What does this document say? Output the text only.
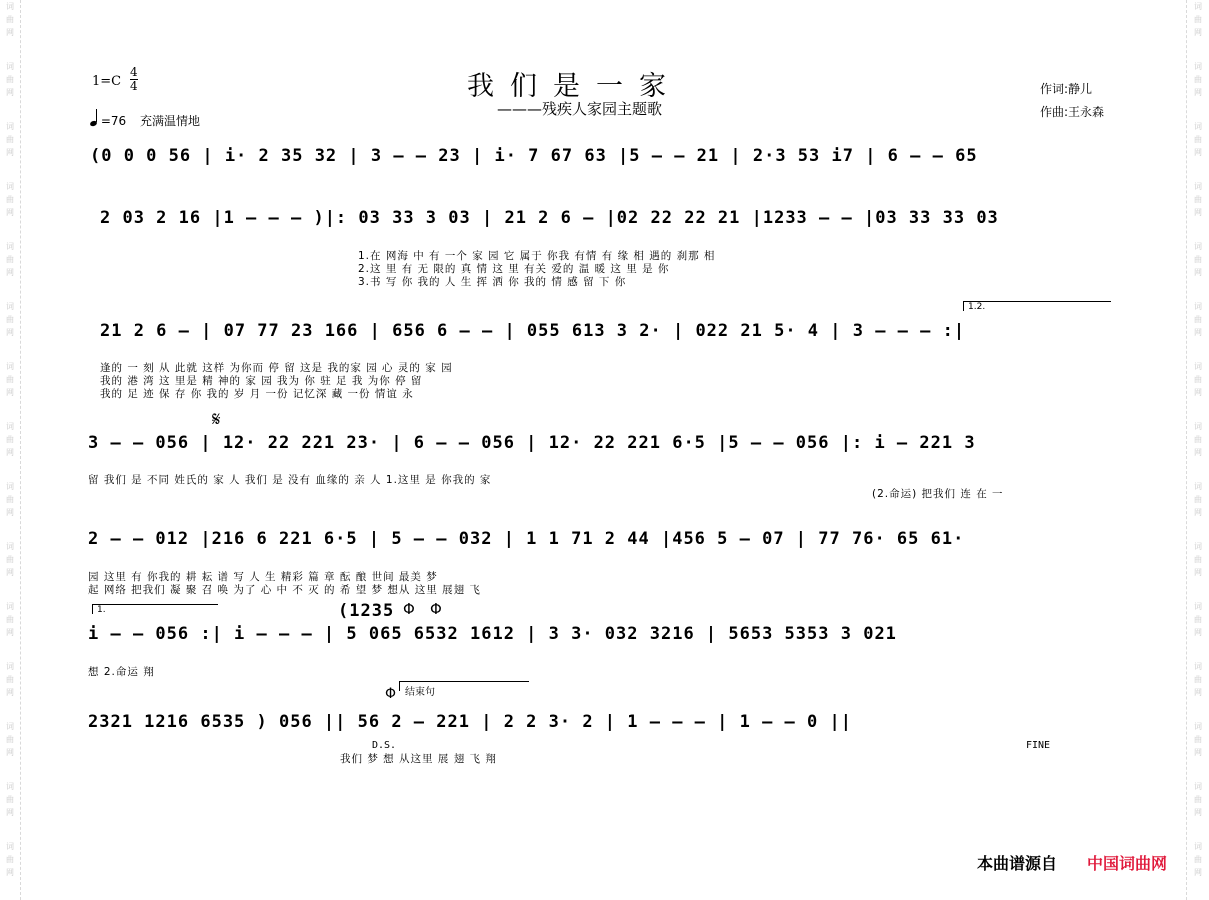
词
曲
网
词
曲
网
词
曲
网
词
曲
网
词
曲
网
词
曲
网
词
曲
网
词
曲
网
词
曲
网
词
曲
网
词
曲
网
词
曲
网
词
曲
网
词
曲
网
词
曲
网
词
曲
网
词
曲
网
词
曲
网
词
曲
网
词
曲
网
词
曲
网
词
曲
网
词
曲
网
词
曲
网
词
曲
网
词
曲
网
词
曲
网
词
曲
网
词
曲
网
词
曲
网
1=C
4
4	我们是一家
———残疾人家园主题歌
作词:静儿
作曲:王永森
=76 充满温情地
(0 0 0 56 | i· 2 35 32 | 3 – – 23 | i· 7 67 63 |5 – – 21 | 2·3 53 i7 | 6 – – 65
2 03 2 16 |1 – – – )|: 03 33 3 03 | 21 2 6 – |02 22 22 21 |1233 – – |03 33 33 03
1.在 网海 中 有 一个 家 园 它 属于 你我 有情 有 缘 相 遇的 刹那 相
2.这 里 有 无 限的 真 情 这 里 有关 爱的 温 暖 这 里 是 你
3.书 写 你 我的 人 生 挥 洒 你 我的 情 感 留 下 你
1.2.
21 2 6 – | 07 77 23 166 | 656 6 – – | 055 613 3 2· | 022 21 5· 4 | 3 – – – :|
逢的 一 刻 从 此就 这样 为你而 停 留 这是 我的家 园 心 灵的 家 园
我的 港 湾 这 里是 精 神的 家 园 我为 你 驻 足 我 为你 停 留
我的 足 迹 保 存 你 我的 岁 月 一份 记忆深 藏 一份 情谊 永
𝄋
3 – – 056 | 12· 22 221 23· | 6 – – 056 | 12· 22 221 6·5 |5 – – 056 |: i – 221 3
留 我们 是 不同 姓氏的 家 人 我们 是 没有 血缘的 亲 人 1.这里 是 你我的 家
(2.命运) 把我们 连 在 一
2 – – 012 |216 6 221 6·5 | 5 – – 032 | 1 1 71 2 44 |456 5 – 07 | 77 76· 65 61·
园 这里 有 你我的 耕 耘 谱 写 人 生 精彩 篇 章 酝 酿 世间 最美 梦
起 网络 把我们 凝 聚 召 唤 为了 心 中 不 灭 的 希 望 梦 想从 这里 展翅 飞
1.	(1235 Φ Φ
i – – 056 :| i – – – | 5 065 6532 1612 | 3 3· 032 3216 | 5653 5353 3 021
想 2.命运 翔
结束句
Φ
2321 1216 6535 ) 056 || 56 2 – 221 | 2 2 3· 2 | 1 – – – | 1 – – 0 ||
D.S.	FINE
我们 梦 想 从这里 展 翅 飞 翔
本曲谱源自 中国词曲网
